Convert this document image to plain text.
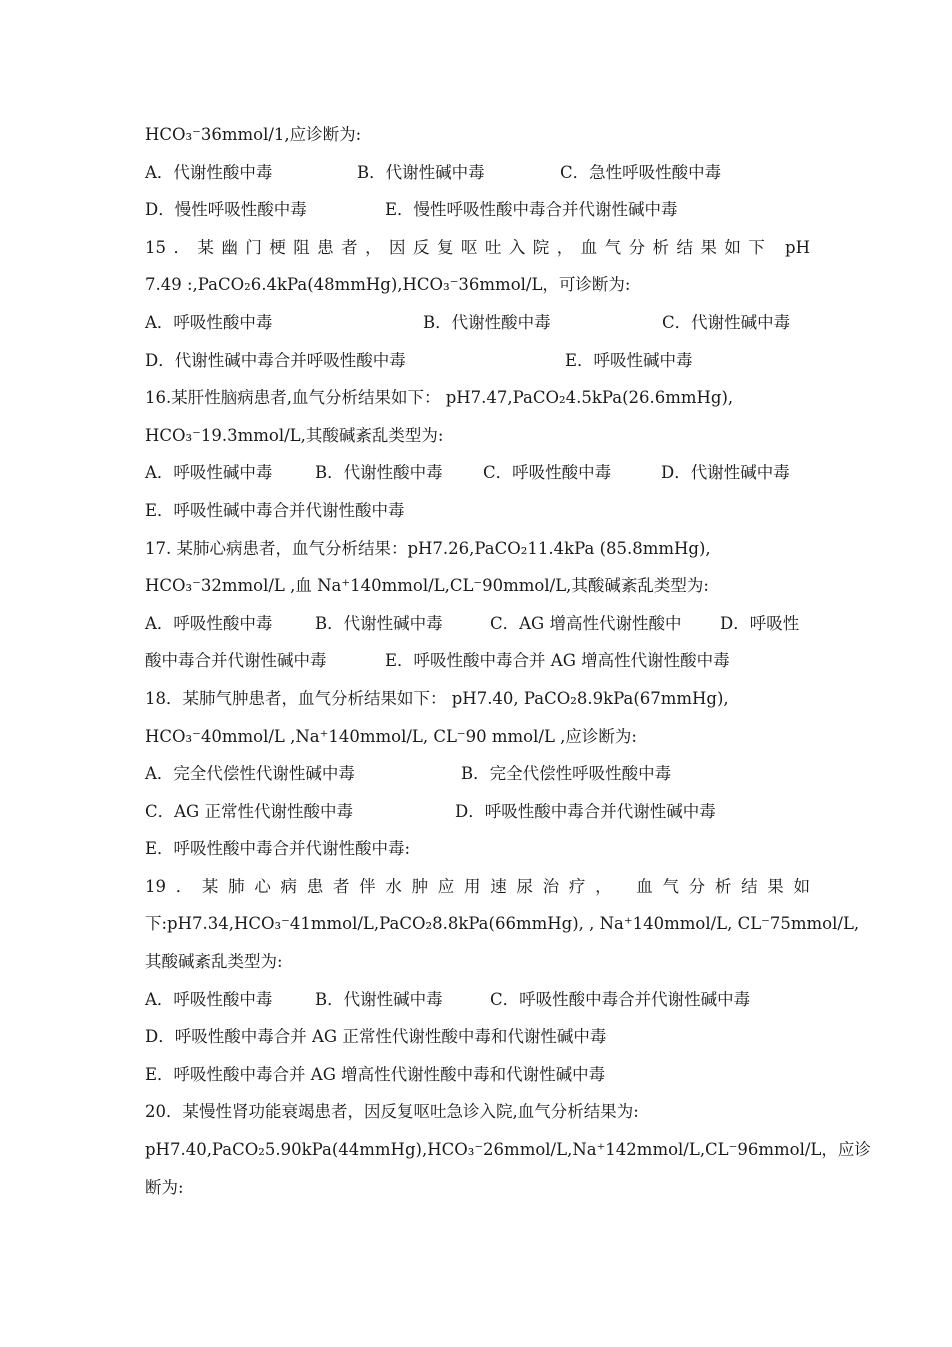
HCO₃⁻36mmol/1,应诊断为:
A．代谢性酸中毒	B．代谢性碱中毒	C．急性呼吸性酸中毒
D．慢性呼吸性酸中毒	E．慢性呼吸性酸中毒合并代谢性碱中毒
15．某幽门梗阻患者，因反复呕吐入院，血气分析结果如下 pH
7.49 :,PaCO₂6.4kPa(48mmHg),HCO₃⁻36mmol/L，可诊断为:
A．呼吸性酸中毒	B．代谢性酸中毒	C．代谢性碱中毒
D．代谢性碱中毒合并呼吸性酸中毒	E．呼吸性碱中毒
16.某肝性脑病患者,血气分析结果如下： pH7.47,PaCO₂4.5kPa(26.6mmHg),
HCO₃⁻19.3mmol/L,其酸碱紊乱类型为:
A．呼吸性碱中毒	B．代谢性酸中毒	C．呼吸性酸中毒	D．代谢性碱中毒
E．呼吸性碱中毒合并代谢性酸中毒
17. 某肺心病患者，血气分析结果：pH7.26,PaCO₂11.4kPa (85.8mmHg),
HCO₃⁻32mmol/L ,血 Na⁺140mmol/L,CL⁻90mmol/L,其酸碱紊乱类型为:
A．呼吸性酸中毒	B．代谢性碱中毒	C．AG 增高性代谢性酸中	D．呼吸性
酸中毒合并代谢性碱中毒	E．呼吸性酸中毒合并 AG 增高性代谢性酸中毒
18．某肺气肿患者，血气分析结果如下： pH7.40, PaCO₂8.9kPa(67mmHg),
HCO₃⁻40mmol/L ,Na⁺140mmol/L, CL⁻90 mmol/L ,应诊断为:
A．完全代偿性代谢性碱中毒	B．完全代偿性呼吸性酸中毒
C．AG 正常性代谢性酸中毒	D．呼吸性酸中毒合并代谢性碱中毒
E．呼吸性酸中毒合并代谢性酸中毒:
19．某肺心病患者伴水肿应用速尿治疗， 血气分析结果如
下:pH7.34,HCO₃⁻41mmol/L,PaCO₂8.8kPa(66mmHg), , Na⁺140mmol/L, CL⁻75mmol/L,
其酸碱紊乱类型为:
A．呼吸性酸中毒	B．代谢性碱中毒	C．呼吸性酸中毒合并代谢性碱中毒
D．呼吸性酸中毒合并 AG 正常性代谢性酸中毒和代谢性碱中毒
E．呼吸性酸中毒合并 AG 增高性代谢性酸中毒和代谢性碱中毒
20．某慢性肾功能衰竭患者，因反复呕吐急诊入院,血气分析结果为:
pH7.40,PaCO₂5.90kPa(44mmHg),HCO₃⁻26mmol/L,Na⁺142mmol/L,CL⁻96mmol/L，应诊
断为:
